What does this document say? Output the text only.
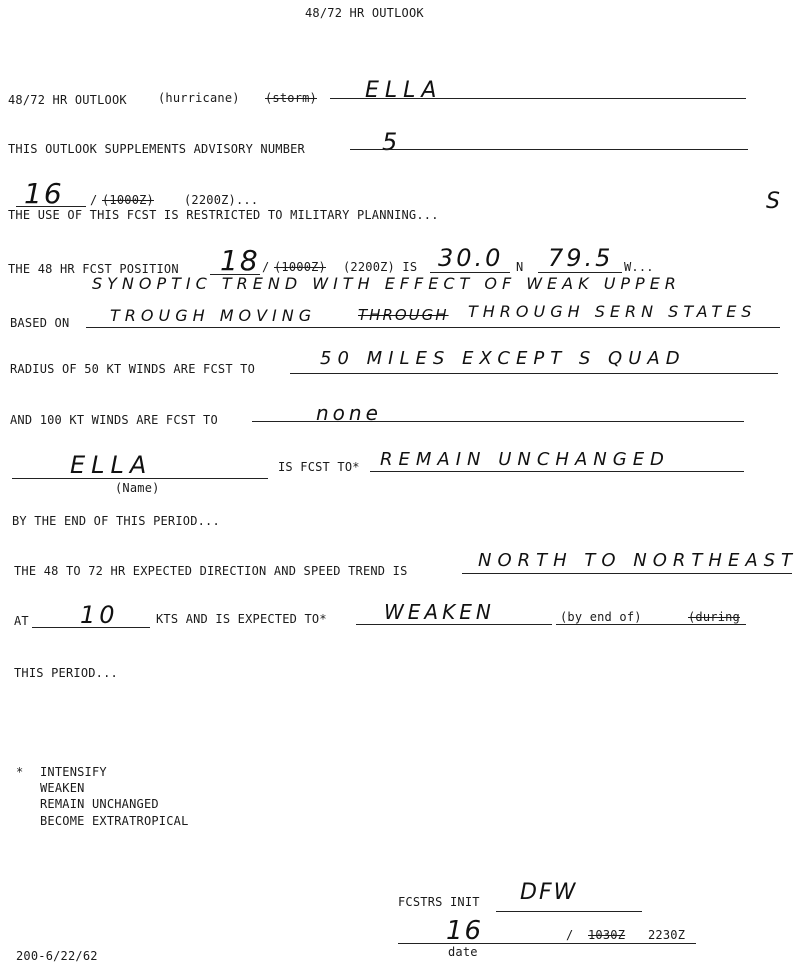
48/72 HR OUTLOOK
48/72 HR OUTLOOK	(hurricane) (storm) ELLA
THIS OUTLOOK SUPPLEMENTS ADVISORY NUMBER	5
16 / (1000Z)	(2200Z)...	S
THE USE OF THIS FCST IS RESTRICTED TO MILITARY PLANNING...
THE 48 HR FCST POSITION 18 / (1000Z) (2200Z) IS 30.0 N 79.5 W...
SYNOPTIC TREND WITH EFFECT OF WEAK UPPER
BASED ON	TROUGH MOVING	THROUGH THROUGH SERN STATES
RADIUS OF 50 KT WINDS ARE FCST TO	50 MILES EXCEPT S QUAD
AND 100 KT WINDS ARE FCST TO	none
ELLA
(Name)
IS FCST TO* REMAIN UNCHANGED
BY THE END OF THIS PERIOD...
THE 48 TO 72 HR EXPECTED DIRECTION AND SPEED TREND IS	NORTH TO NORTHEAST
AT 10	KTS AND IS EXPECTED TO*	WEAKEN	(by end of)	(during
THIS PERIOD...
* INTENSIFY
WEAKEN
REMAIN UNCHANGED
BECOME EXTRATROPICAL
FCSTRS INIT DFW
16	/ 1030Z 2230Z
date
200-6/22/62
